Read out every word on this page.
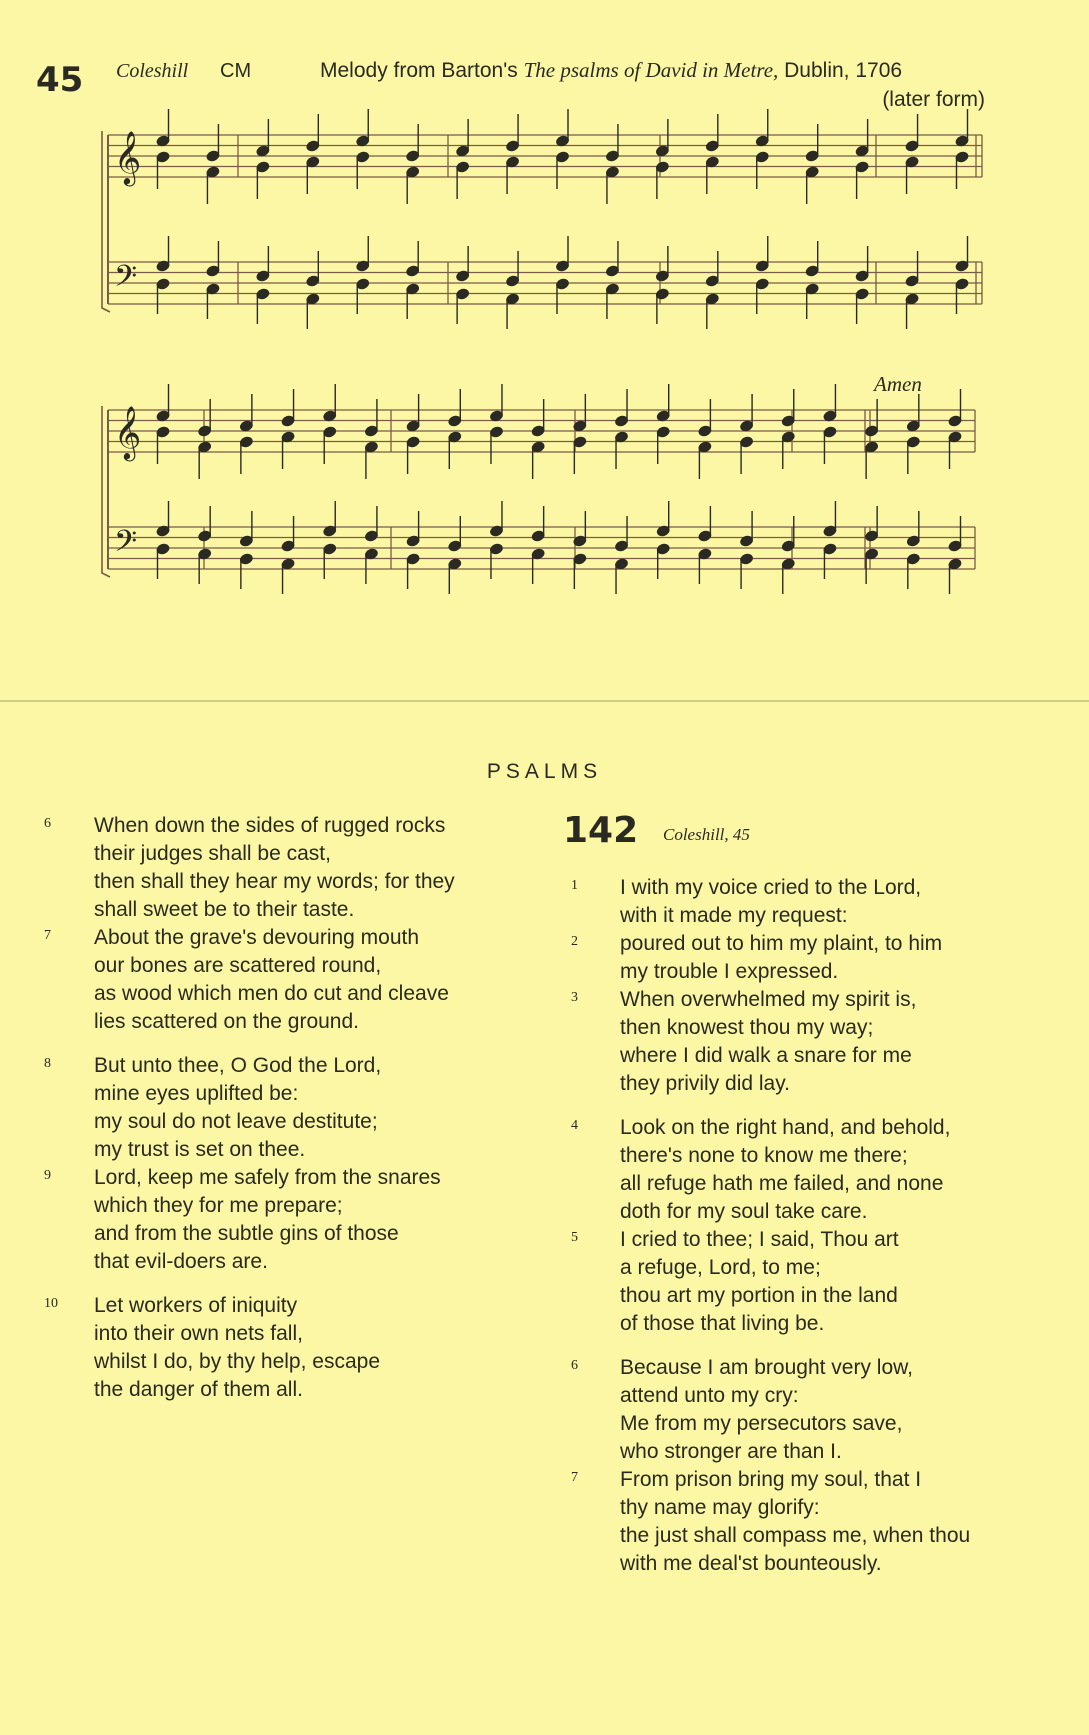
45 Coleshill CM	Melody from Barton's The psalms of David in Metre, Dublin, 1706
(later form)
Amen
𝄞
𝄢
𝄞
𝄢
PSALMS
6	When down the sides of rugged rocks
their judges shall be cast,
then shall they hear my words; for they
shall sweet be to their taste.
7	About the grave's devouring mouth
our bones are scattered round,
as wood which men do cut and cleave
lies scattered on the ground.
8	But unto thee, O God the Lord,
mine eyes uplifted be:
my soul do not leave destitute;
my trust is set on thee.
9	Lord, keep me safely from the snares
which they for me prepare;
and from the subtle gins of those
that evil-doers are.
10	Let workers of iniquity
into their own nets fall,
whilst I do, by thy help, escape
the danger of them all.
142 Coleshill, 45
1	I with my voice cried to the Lord,
with it made my request:
2	poured out to him my plaint, to him
my trouble I expressed.
3	When overwhelmed my spirit is,
then knowest thou my way;
where I did walk a snare for me
they privily did lay.
4	Look on the right hand, and behold,
there's none to know me there;
all refuge hath me failed, and none
doth for my soul take care.
5	I cried to thee; I said, Thou art
a refuge, Lord, to me;
thou art my portion in the land
of those that living be.
6	Because I am brought very low,
attend unto my cry:
Me from my persecutors save,
who stronger are than I.
7	From prison bring my soul, that I
thy name may glorify:
the just shall compass me, when thou
with me deal'st bounteously.
